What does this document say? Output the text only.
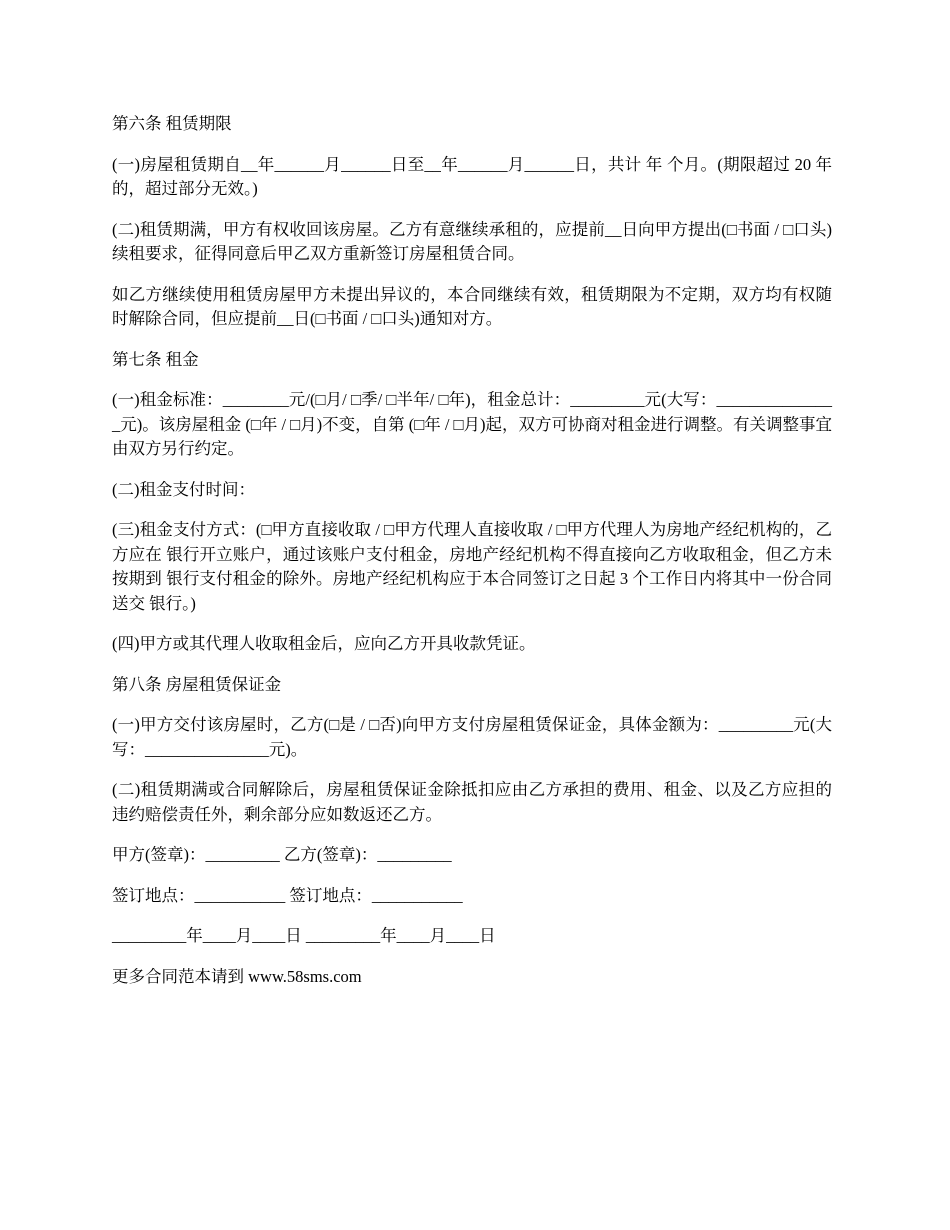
第六条 租赁期限

(一)房屋租赁期自__年______月______日至__年______月______日，共计 年 个月。(期限超过 20 年的，超过部分无效。)

(二)租赁期满，甲方有权收回该房屋。乙方有意继续承租的，应提前__日向甲方提出(□书面 / □口头)续租要求，征得同意后甲乙双方重新签订房屋租赁合同。

如乙方继续使用租赁房屋甲方未提出异议的，本合同继续有效，租赁期限为不定期，双方均有权随时解除合同，但应提前__日(□书面 / □口头)通知对方。

第七条 租金

(一)租金标准：________元/(□月/ □季/ □半年/ □年)，租金总计：_________元(大写：_______________元)。该房屋租金 (□年 / □月)不变，自第 (□年 / □月)起，双方可协商对租金进行调整。有关调整事宜由双方另行约定。

(二)租金支付时间：

(三)租金支付方式：(□甲方直接收取 / □甲方代理人直接收取 / □甲方代理人为房地产经纪机构的，乙方应在 银行开立账户，通过该账户支付租金，房地产经纪机构不得直接向乙方收取租金，但乙方未按期到 银行支付租金的除外。房地产经纪机构应于本合同签订之日起 3 个工作日内将其中一份合同送交 银行。)

(四)甲方或其代理人收取租金后，应向乙方开具收款凭证。

第八条 房屋租赁保证金

(一)甲方交付该房屋时，乙方(□是 / □否)向甲方支付房屋租赁保证金，具体金额为：_________元(大写：_______________元)。

(二)租赁期满或合同解除后，房屋租赁保证金除抵扣应由乙方承担的费用、租金、以及乙方应担的违约赔偿责任外，剩余部分应如数返还乙方。

甲方(签章)：_________ 乙方(签章)：_________

签订地点：___________ 签订地点：___________

_________年____月____日 _________年____月____日

更多合同范本请到 www.58sms.com
